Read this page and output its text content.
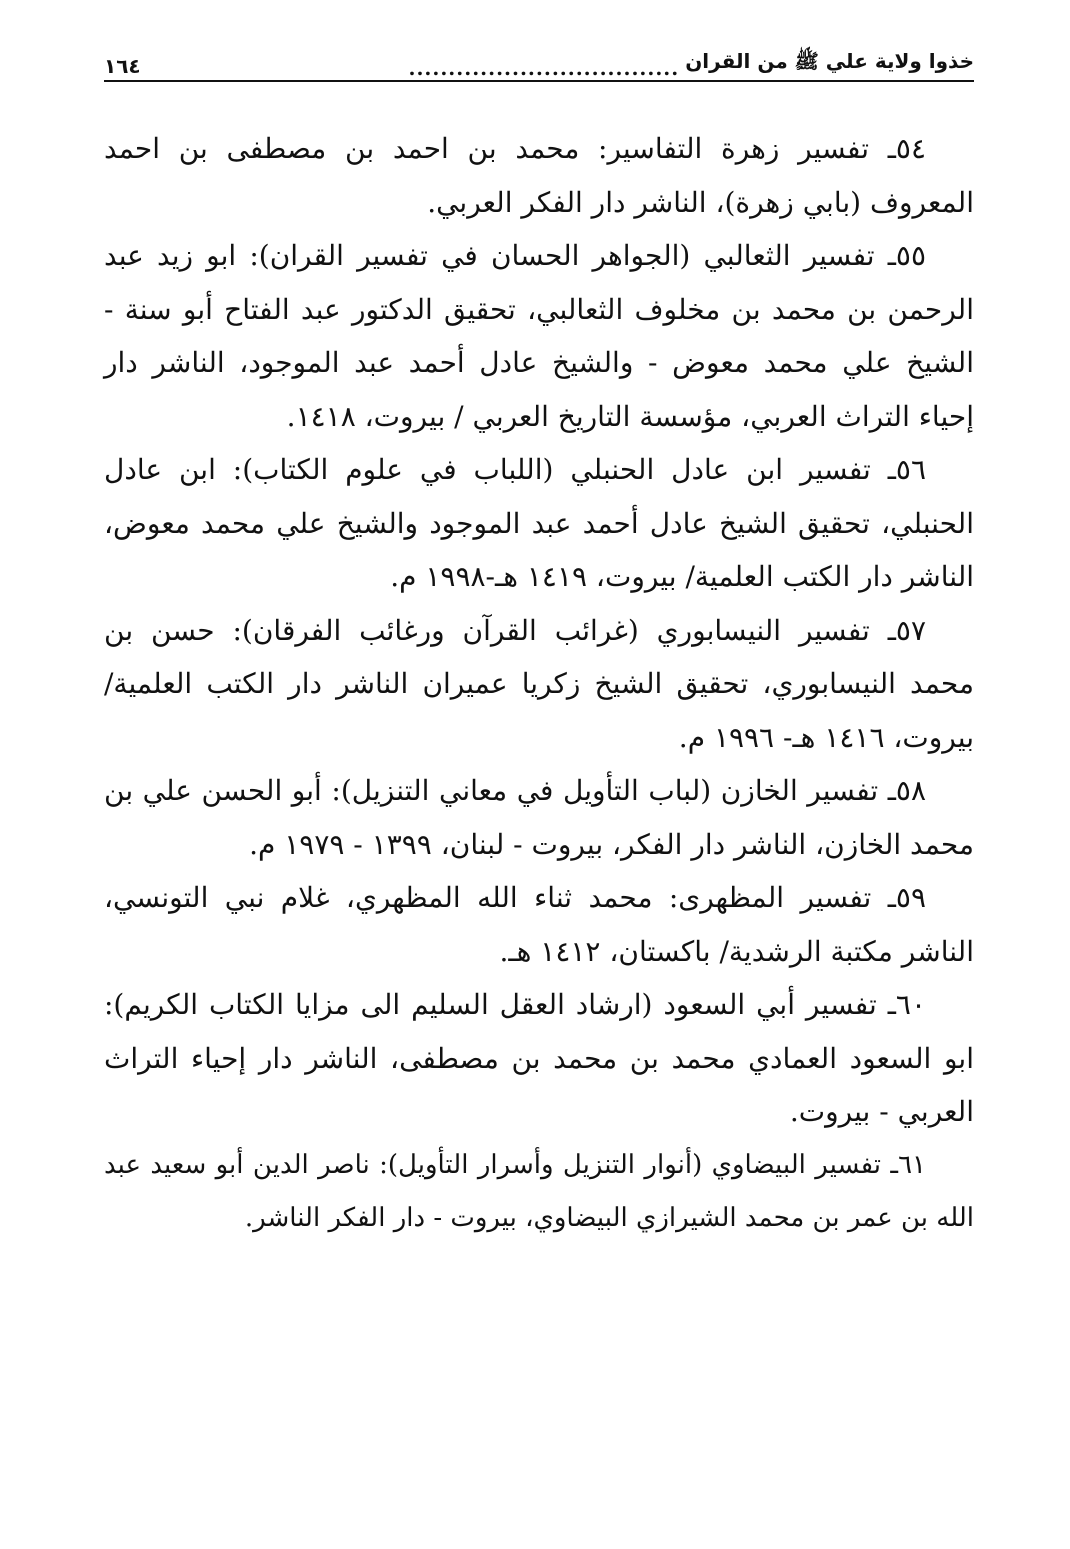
خذوا ولاية علي ﷺ من القران
..................................
١٦٤

٥٤ـ تفسير زهرة التفاسير: محمد بن احمد بن مصطفى بن احمد المعروف (بابي زهرة)، الناشر دار الفكر العربي.

٥٥ـ تفسير الثعالبي (الجواهر الحسان في تفسير القران): ابو زيد عبد الرحمن بن محمد بن مخلوف الثعالبي، تحقيق الدكتور عبد الفتاح أبو سنة - الشيخ علي محمد معوض - والشيخ عادل أحمد عبد الموجود، الناشر دار إحياء التراث العربي، مؤسسة التاريخ العربي / بيروت، ١٤١٨.

٥٦ـ تفسير ابن عادل الحنبلي (اللباب في علوم الكتاب): ابن عادل الحنبلي، تحقيق الشيخ عادل أحمد عبد الموجود والشيخ علي محمد معوض، الناشر دار الكتب العلمية/ بيروت، ١٤١٩ هـ-١٩٩٨ م.

٥٧ـ تفسير النيسابوري (غرائب القرآن ورغائب الفرقان): حسن بن محمد النيسابوري، تحقيق الشيخ زكريا عميران الناشر دار الكتب العلمية/ بيروت، ١٤١٦ هـ- ١٩٩٦ م.

٥٨ـ تفسير الخازن (لباب التأويل في معاني التنزيل): أبو الحسن علي بن محمد الخازن، الناشر دار الفكر، بيروت - لبنان، ١٣٩٩ - ١٩٧٩ م.

٥٩ـ تفسير المظهرى: محمد ثناء الله المظهري، غلام نبي التونسي، الناشر مكتبة الرشدية/ باكستان، ١٤١٢ هـ.

٦٠ـ تفسير أبي السعود (ارشاد العقل السليم الى مزايا الكتاب الكريم): ابو السعود العمادي محمد بن محمد بن مصطفى، الناشر دار إحياء التراث العربي - بيروت.

٦١ـ تفسير البيضاوي (أنوار التنزيل وأسرار التأويل): ناصر الدين أبو سعيد عبد الله بن عمر بن محمد الشيرازي البيضاوي، بيروت - دار الفكر الناشر.
